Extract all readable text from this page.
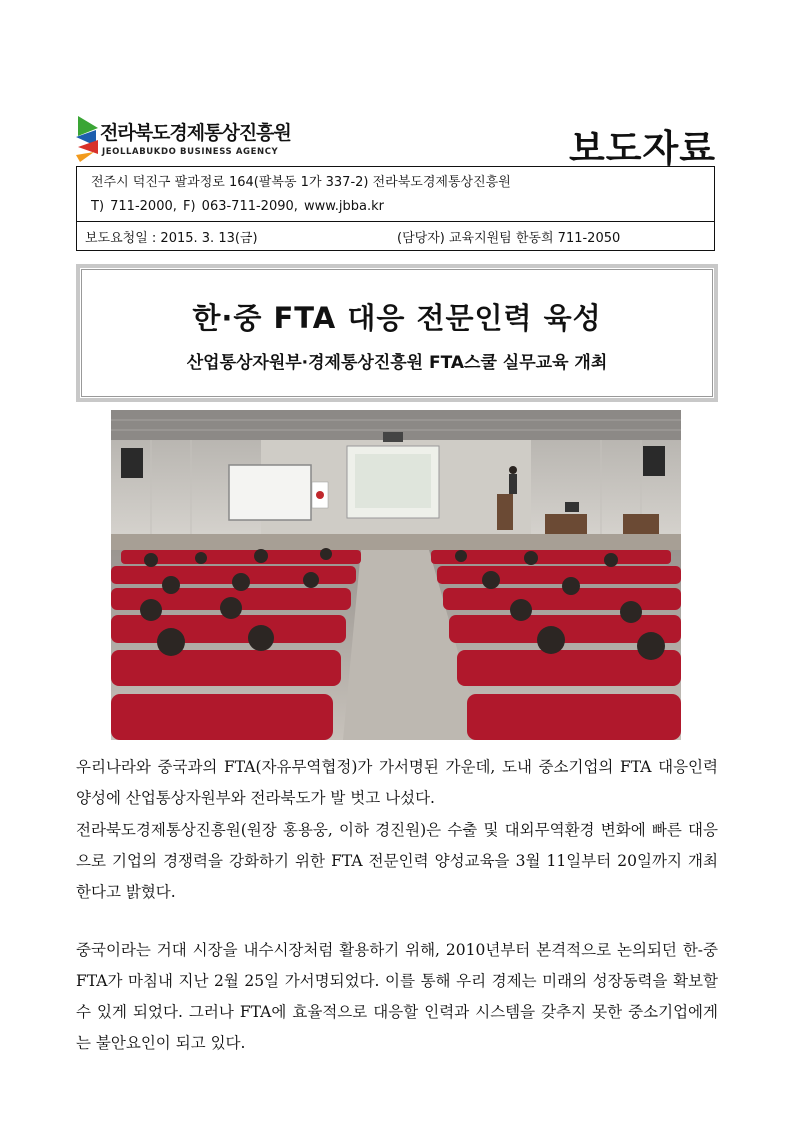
전라북도경제통상진흥원
JEOLLABUKDO BUSINESS AGENCY	보도자료
전주시 덕진구 팔과정로 164(팔복동 1가 337-2) 전라북도경제통상진흥원
T) 711-2000, F) 063-711-2090, www.jbba.kr
보도요청일 : 2015. 3. 13(금)	(담당자) 교육지원팀 한동희 711-2050
한·중 FTA 대응 전문인력 육성
산업통상자원부·경제통상진흥원 FTA스쿨 실무교육 개최
우리나라와 중국과의 FTA(자유무역협정)가 가서명된 가운데, 도내 중소기업의 FTA 대응인력 양성에 산업통상자원부와 전라북도가 발 벗고 나섰다.
전라북도경제통상진흥원(원장 홍용웅, 이하 경진원)은 수출 및 대외무역환경 변화에 빠른 대응으로 기업의 경쟁력을 강화하기 위한 FTA 전문인력 양성교육을 3월 11일부터 20일까지 개최한다고 밝혔다.
중국이라는 거대 시장을 내수시장처럼 활용하기 위해, 2010년부터 본격적으로 논의되던 한-중 FTA가 마침내 지난 2월 25일 가서명되었다. 이를 통해 우리 경제는 미래의 성장동력을 확보할 수 있게 되었다. 그러나 FTA에 효율적으로 대응할 인력과 시스템을 갖추지 못한 중소기업에게는 불안요인이 되고 있다.
